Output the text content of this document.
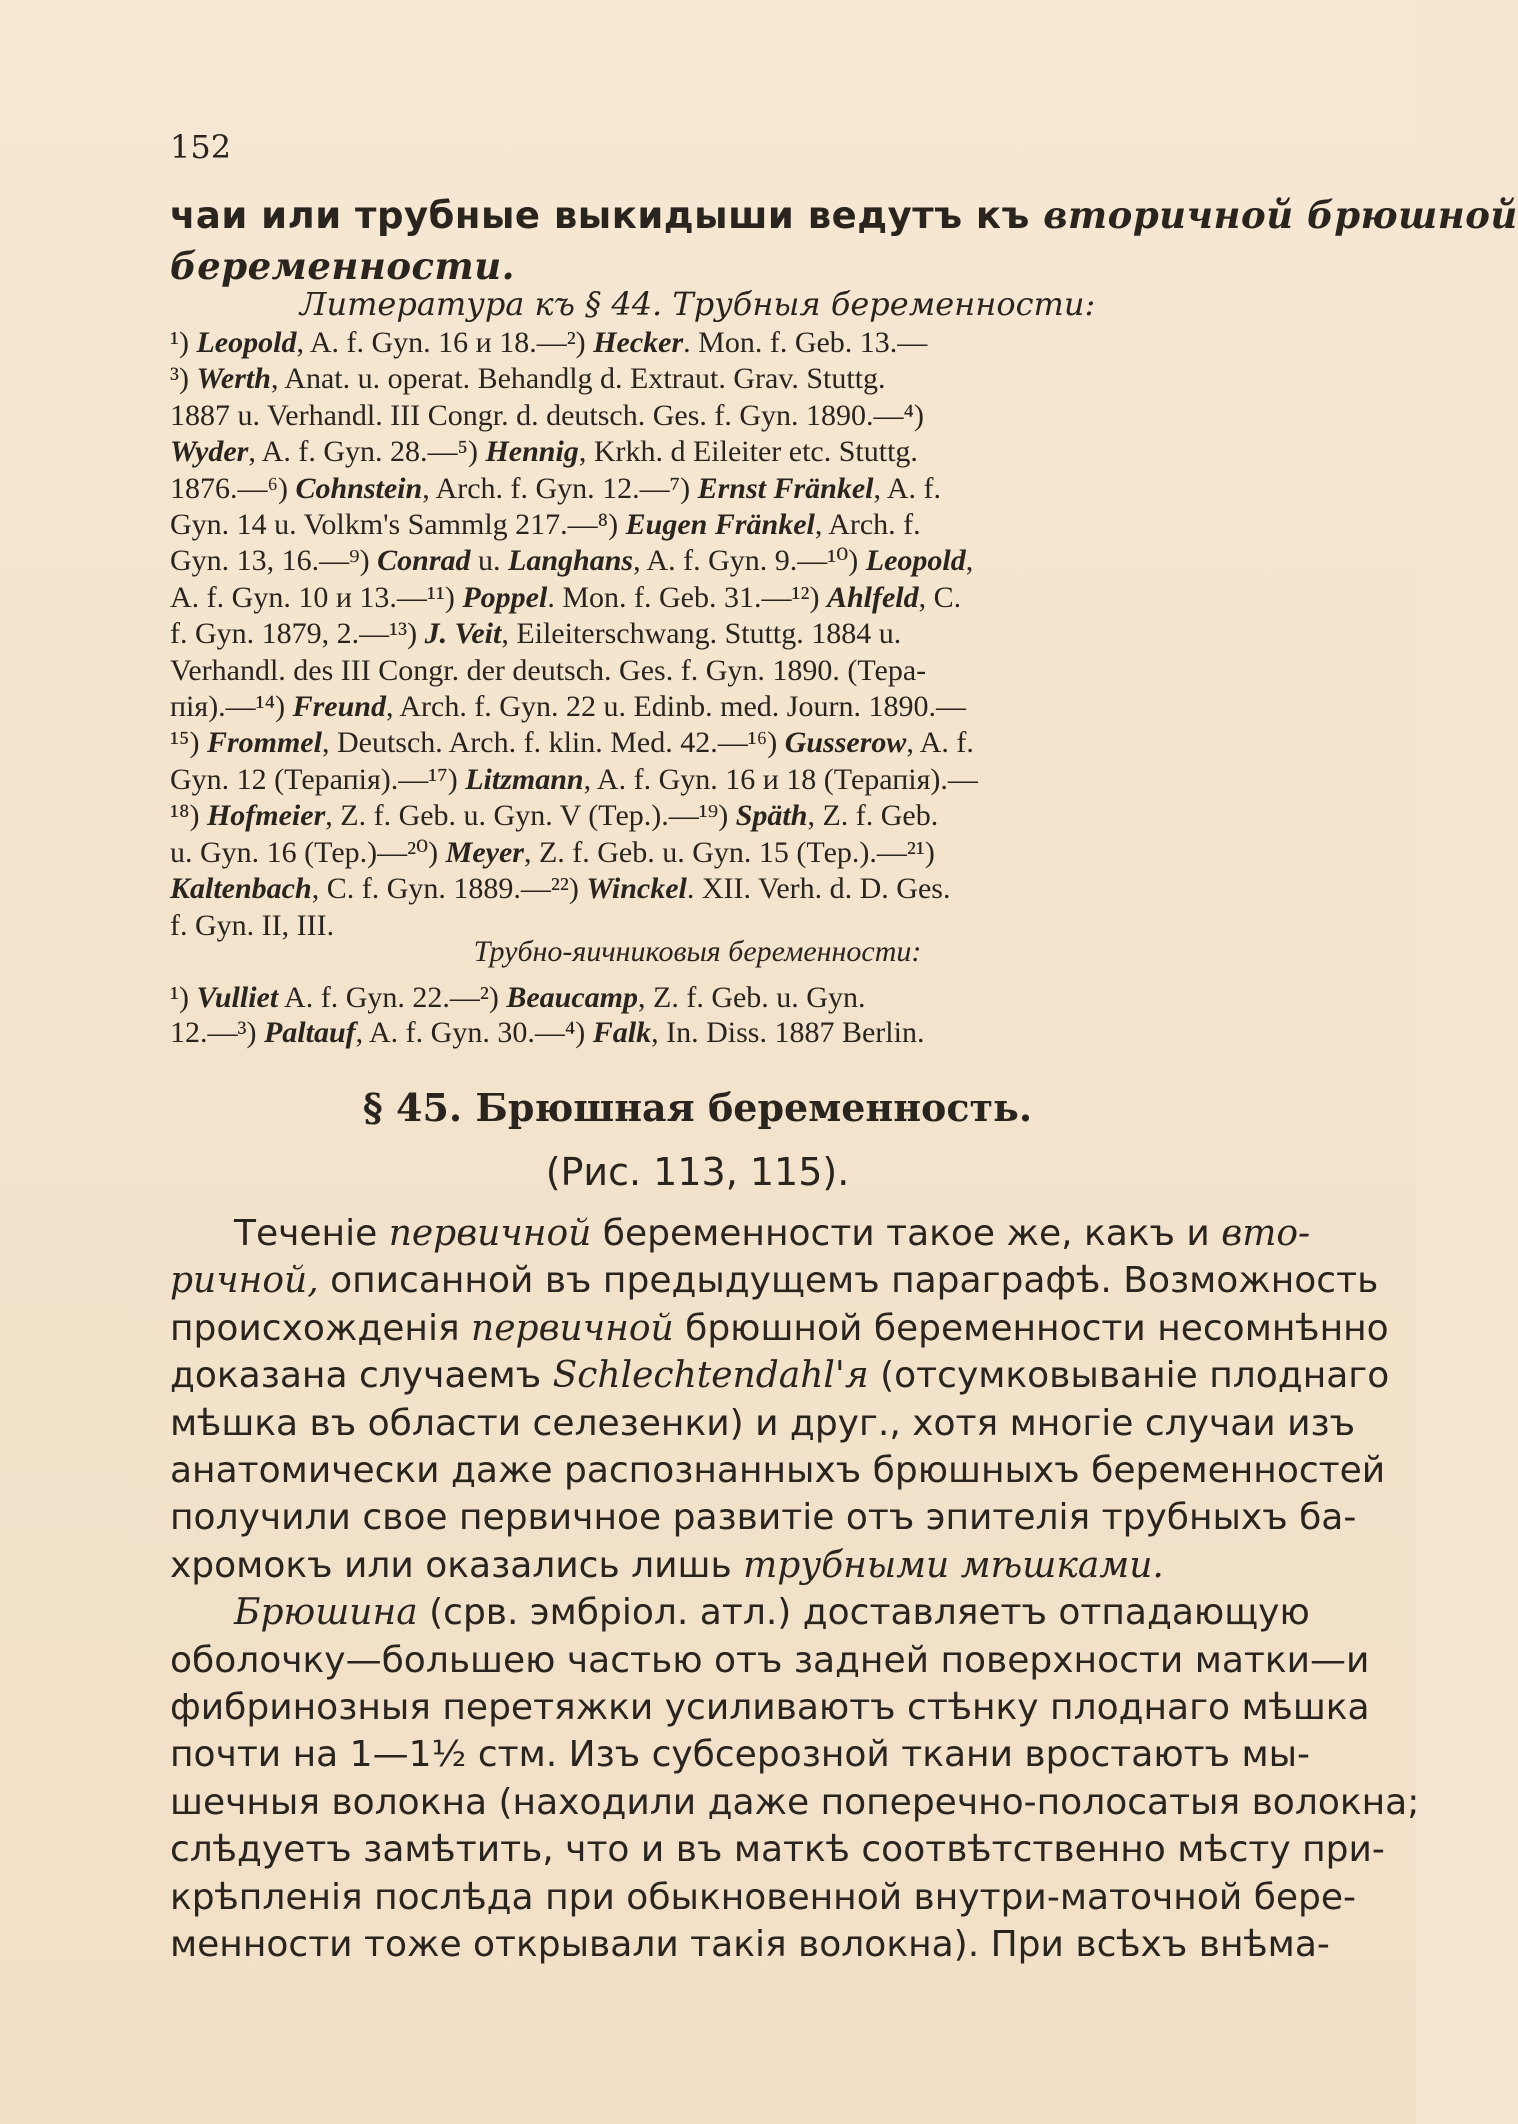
152
чаи или трубные выкидыши ведутъ къ вторичной брюшной
беременности.
Литература къ § 44. Трубныя беременности:
¹) Leopold, A. f. Gyn. 16 и 18.—²) Hecker. Mon. f. Geb. 13.—
³) Werth, Anat. u. operat. Behandlg d. Extraut. Grav. Stuttg.
1887 u. Verhandl. III Congr. d. deutsch. Ges. f. Gyn. 1890.—⁴)
Wyder, A. f. Gyn. 28.—⁵) Hennig, Krkh. d Eileiter etc. Stuttg.
1876.—⁶) Cohnstein, Arch. f. Gyn. 12.—⁷) Ernst Fränkel, A. f.
Gyn. 14 u. Volkm's Sammlg 217.—⁸) Eugen Fränkel, Arch. f.
Gyn. 13, 16.—⁹) Conrad u. Langhans, A. f. Gyn. 9.—¹⁰) Leopold,
A. f. Gyn. 10 и 13.—¹¹) Poppel. Mon. f. Geb. 31.—¹²) Ahlfeld, C.
f. Gyn. 1879, 2.—¹³) J. Veit, Eileiterschwang. Stuttg. 1884 u.
Verhandl. des III Congr. der deutsch. Ges. f. Gyn. 1890. (Тера-
пія).—¹⁴) Freund, Arch. f. Gyn. 22 u. Edinb. med. Journ. 1890.—
¹⁵) Frommel, Deutsch. Arch. f. klin. Med. 42.—¹⁶) Gusserow, A. f.
Gyn. 12 (Терапія).—¹⁷) Litzmann, A. f. Gyn. 16 и 18 (Терапія).—
¹⁸) Hofmeier, Z. f. Geb. u. Gyn. V (Тер.).—¹⁹) Späth, Z. f. Geb.
u. Gyn. 16 (Тер.)—²⁰) Meyer, Z. f. Geb. u. Gyn. 15 (Тер.).—²¹)
Kaltenbach, C. f. Gyn. 1889.—²²) Winckel. XII. Verh. d. D. Ges.
f. Gyn. II, III.
Трубно-яичниковыя беременности:
¹) Vulliet A. f. Gyn. 22.—²) Beaucamp, Z. f. Geb. u. Gyn.
12.—³) Paltauf, A. f. Gyn. 30.—⁴) Falk, In. Diss. 1887 Berlin.
§ 45. Брюшная беременность.
(Рис. 113, 115).
Теченіе первичной беременности такое же, какъ и вто-
ричной, описанной въ предыдущемъ параграфѣ. Возможность
происхожденія первичной брюшной беременности несомнѣнно
доказана случаемъ Schlechtendahl'я (отсумковываніе плоднаго
мѣшка въ области селезенки) и друг., хотя многіе случаи изъ
анатомически даже распознанныхъ брюшныхъ беременностей
получили свое первичное развитіе отъ эпителія трубныхъ ба-
хромокъ или оказались лишь трубными мѣшками.
Брюшина (срв. эмбріол. атл.) доставляетъ отпадающую
оболочку—большею частью отъ задней поверхности матки—и
фибринозныя перетяжки усиливаютъ стѣнку плоднаго мѣшка
почти на 1—1½ стм. Изъ субсерозной ткани вростаютъ мы-
шечныя волокна (находили даже поперечно-полосатыя волокна;
слѣдуетъ замѣтить, что и въ маткѣ соотвѣтственно мѣсту при-
крѣпленія послѣда при обыкновенной внутри-маточной бере-
менности тоже открывали такія волокна). При всѣхъ внѣма-
